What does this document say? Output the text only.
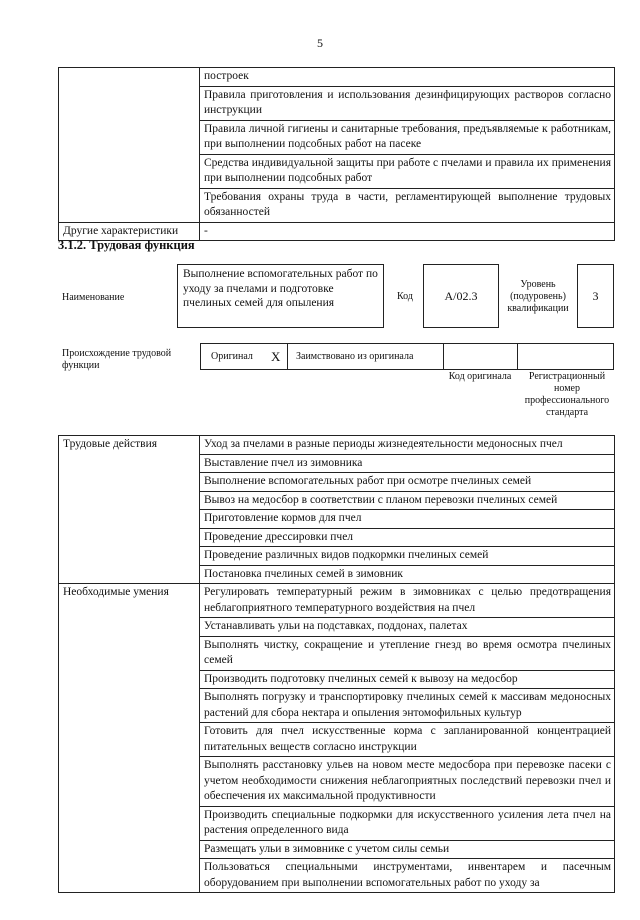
5
	построек
	Правила приготовления и использования дезинфицирующих растворов согласно инструкции
	Правила личной гигиены и санитарные требования, предъявляемые к работникам, при выполнении подсобных работ на пасеке
	Средства индивидуальной защиты при работе с пчелами и правила их применения при выполнении подсобных работ
	Требования охраны труда в части, регламентирующей выполнение трудовых обязанностей
Другие характеристики	-
3.1.2. Трудовая функция
Наименование
Выполнение вспомогательных работ по уходу за пчелами и подготовке пчелиных семей для опыления
Код	А/02.3
Уровень (подуровень) квалификации
3
Происхождение трудовой функции
Оригинал X Заимствовано из оригинала
Код оригинала	Регистрационный номер профессионального стандарта
Трудовые действия	Уход за пчелами в разные периоды жизнедеятельности медоносных пчел
	Выставление пчел из зимовника
	Выполнение вспомогательных работ при осмотре пчелиных семей
	Вывоз на медосбор в соответствии с планом перевозки пчелиных семей
	Приготовление кормов для пчел
	Проведение дрессировки пчел
	Проведение различных видов подкормки пчелиных семей
	Постановка пчелиных семей в зимовник
Необходимые умения	Регулировать температурный режим в зимовниках с целью предотвращения неблагоприятного температурного воздействия на пчел
	Устанавливать ульи на подставках, поддонах, палетах
	Выполнять чистку, сокращение и утепление гнезд во время осмотра пчелиных семей
	Производить подготовку пчелиных семей к вывозу на медосбор
	Выполнять погрузку и транспортировку пчелиных семей к массивам медоносных растений для сбора нектара и опыления энтомофильных культур
	Готовить для пчел искусственные корма с запланированной концентрацией питательных веществ согласно инструкции
	Выполнять расстановку ульев на новом месте медосбора при перевозке пасеки с учетом необходимости снижения неблагоприятных последствий перевозки пчел и обеспечения их максимальной продуктивности
	Производить специальные подкормки для искусственного усиления лета пчел на растения определенного вида
	Размещать ульи в зимовнике с учетом силы семьи
	Пользоваться специальными инструментами, инвентарем и пасечным оборудованием при выполнении вспомогательных работ по уходу за
